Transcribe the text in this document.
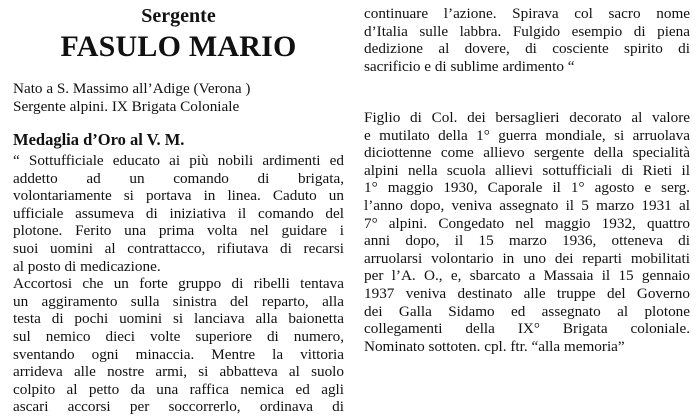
Sergente
FASULO MARIO
Nato a S. Massimo all’Adige (Verona )
Sergente alpini. IX Brigata Coloniale
Medaglia d’Oro al V. M.
“ Sottufficiale educato ai più nobili ardimenti ed
addetto ad un comando di brigata,
volontariamente si portava in linea. Caduto un
ufficiale assumeva di iniziativa il comando del
plotone. Ferito una prima volta nel guidare i
suoi uomini al contrattacco, rifiutava di recarsi
al posto di medicazione.
Accortosi che un forte gruppo di ribelli tentava
un aggiramento sulla sinistra del reparto, alla
testa di pochi uomini si lanciava alla baionetta
sul nemico dieci volte superiore di numero,
sventando ogni minaccia. Mentre la vittoria
arrideva alle nostre armi, si abbatteva al suolo
colpito al petto da una raffica nemica ed agli
ascari accorsi per soccorrerlo, ordinava di
continuare l’azione. Spirava col sacro nome
d’Italia sulle labbra. Fulgido esempio di piena
dedizione al dovere, di cosciente spirito di
sacrificio e di sublime ardimento “
Figlio di Col. dei bersaglieri decorato al valore
e mutilato della 1° guerra mondiale, si arruolava
diciottenne come allievo sergente della specialità
alpini nella scuola allievi sottufficiali di Rieti il
1° maggio 1930, Caporale il 1° agosto e serg.
l’anno dopo, veniva assegnato il 5 marzo 1931 al
7° alpini. Congedato nel maggio 1932, quattro
anni dopo, il 15 marzo 1936, otteneva di
arruolarsi volontario in uno dei reparti mobilitati
per l’A. O., e, sbarcato a Massaia il 15 gennaio
1937 veniva destinato alle truppe del Governo
dei Galla Sidamo ed assegnato al plotone
collegamenti della IX° Brigata coloniale.
Nominato sottoten. cpl. ftr. “alla memoria”
